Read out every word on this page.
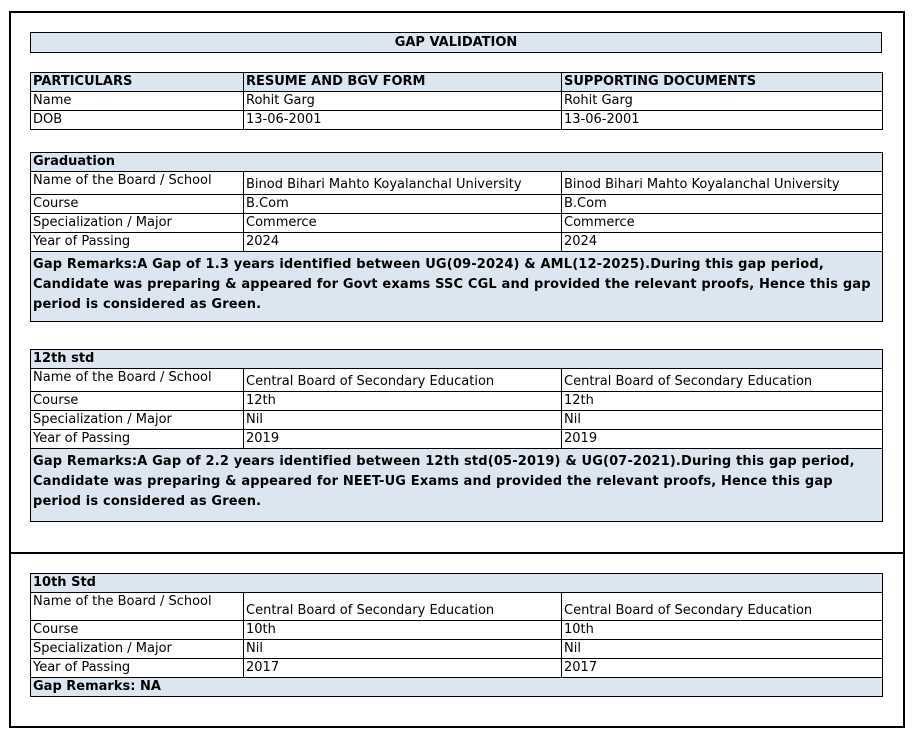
GAP VALIDATION
PARTICULARS	RESUME AND BGV FORM	SUPPORTING DOCUMENTS
Name	Rohit Garg	Rohit Garg
DOB	13-06-2001	13-06-2001
Graduation		
Name of the Board / School	Binod Bihari Mahto Koyalanchal University	Binod Bihari Mahto Koyalanchal University
Course	B.Com	B.Com
Specialization / Major	Commerce	Commerce
Year of Passing	2024	2024
Gap Remarks:A Gap of 1.3 years identified between UG(09-2024) & AML(12-2025).During this gap period, Candidate was preparing & appeared for Govt exams SSC CGL and provided the relevant proofs, Hence this gap period is considered as Green.		
12th std		
Name of the Board / School	Central Board of Secondary Education	Central Board of Secondary Education
Course	12th	12th
Specialization / Major	Nil	Nil
Year of Passing	2019	2019
Gap Remarks:A Gap of 2.2 years identified between 12th std(05-2019) & UG(07-2021).During this gap period, Candidate was preparing & appeared for NEET-UG Exams and provided the relevant proofs, Hence this gap period is considered as Green.		
10th Std		
Name of the Board / School	Central Board of Secondary Education	Central Board of Secondary Education
Course	10th	10th
Specialization / Major	Nil	Nil
Year of Passing	2017	2017
Gap Remarks: NA		
